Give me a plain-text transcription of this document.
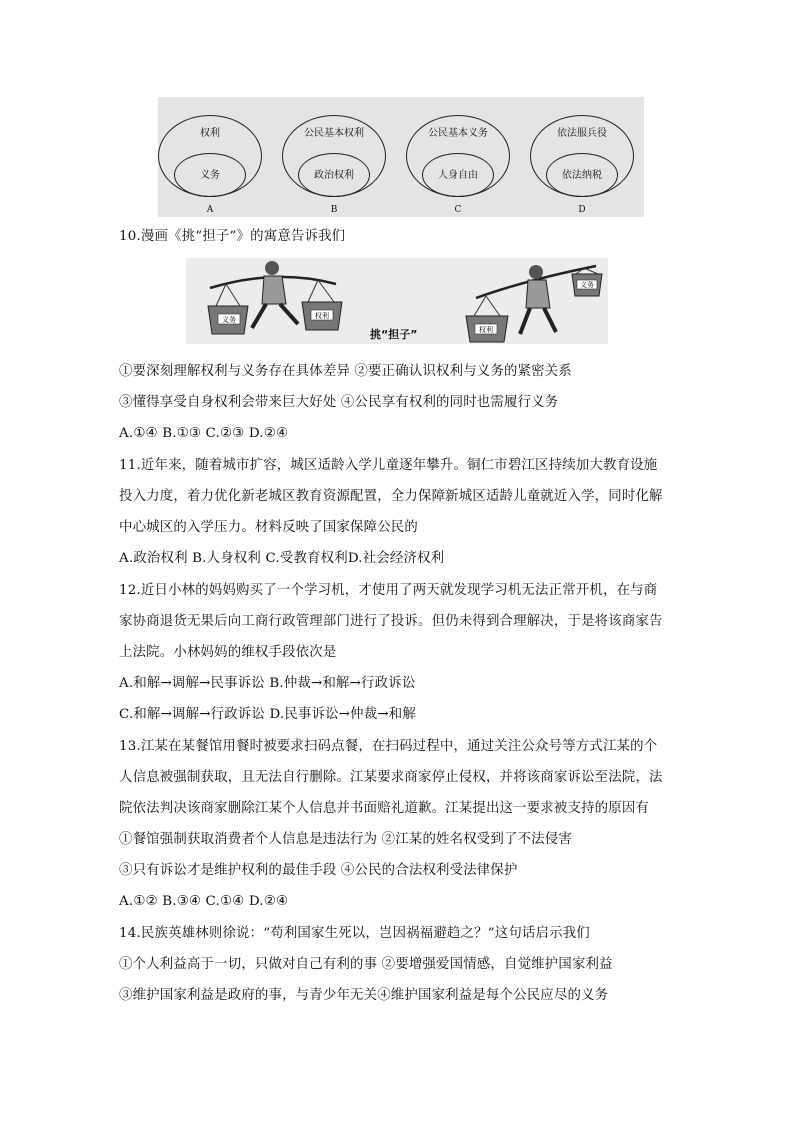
权利
义务
A
公民基本权利
政治权利
B
公民基本义务
人身自由
C
依法服兵役
依法纳税
D
10.漫画《挑“担子”》的寓意告诉我们
义务	权利
权利
义务
挑“担子”
①要深刻理解权利与义务存在具体差异 ②要正确认识权利与义务的紧密关系
③懂得享受自身权利会带来巨大好处 ④公民享有权利的同时也需履行义务
A.①④ B.①③ C.②③ D.②④
11.近年来，随着城市扩容，城区适龄入学儿童逐年攀升。铜仁市碧江区持续加大教育设施
投入力度，着力优化新老城区教育资源配置，全力保障新城区适龄儿童就近入学，同时化解
中心城区的入学压力。材料反映了国家保障公民的
A.政治权利 B.人身权利 C.受教育权利D.社会经济权利
12.近日小林的妈妈购买了一个学习机，才使用了两天就发现学习机无法正常开机，在与商
家协商退货无果后向工商行政管理部门进行了投诉。但仍未得到合理解决，于是将该商家告
上法院。小林妈妈的维权手段依次是
A.和解→调解→民事诉讼 B.仲裁→和解→行政诉讼
C.和解→调解→行政诉讼 D.民事诉讼→仲裁→和解
13.江某在某餐馆用餐时被要求扫码点餐，在扫码过程中，通过关注公众号等方式江某的个
人信息被强制获取，且无法自行删除。江某要求商家停止侵权，并将该商家诉讼至法院，法
院依法判决该商家删除江某个人信息并书面赔礼道歉。江某提出这一要求被支持的原因有
①餐馆强制获取消费者个人信息是违法行为 ②江某的姓名权受到了不法侵害
③只有诉讼才是维护权利的最佳手段 ④公民的合法权利受法律保护
A.①② B.③④ C.①④ D.②④
14.民族英雄林则徐说：“苟利国家生死以，岂因祸福避趋之？”这句话启示我们
①个人利益高于一切，只做对自己有利的事 ②要增强爱国情感，自觉维护国家利益
③维护国家利益是政府的事，与青少年无关④维护国家利益是每个公民应尽的义务
